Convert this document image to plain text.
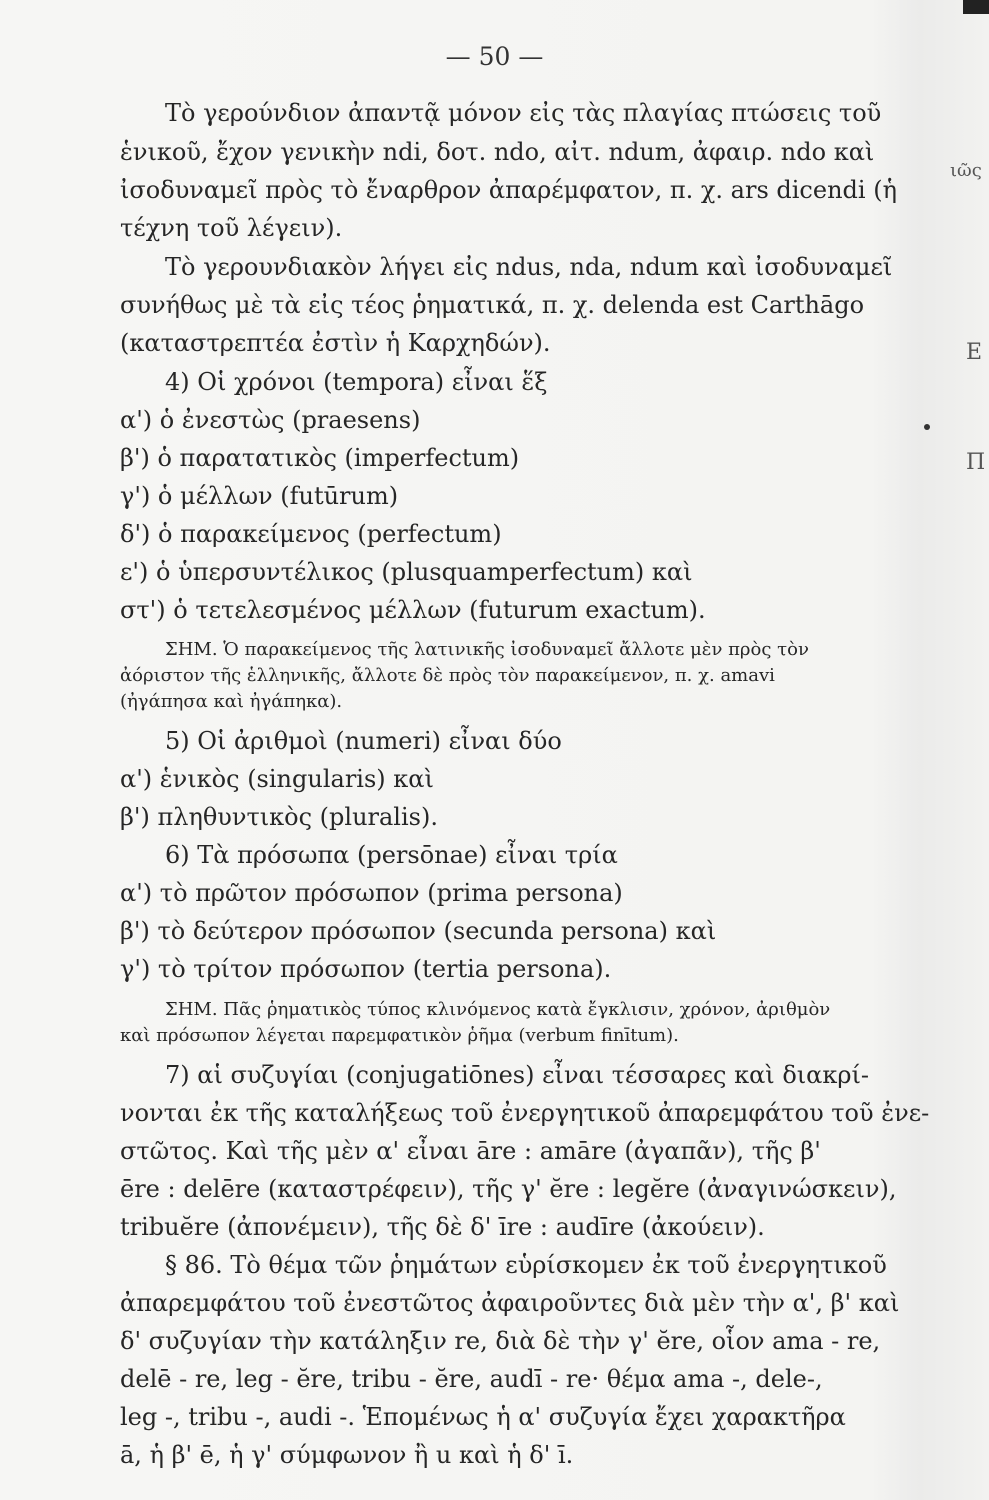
— 50 —
Τὸ γερούνδιον ἀπαντᾷ μόνον εἰς τὰς πλαγίας πτώσεις τοῦ
ἑνικοῦ, ἔχον γενικὴν ndi, δοτ. ndo, αἰτ. ndum, ἀφαιρ. ndo καὶ
ἰσοδυναμεῖ πρὸς τὸ ἔναρθρον ἀπαρέμφατον, π. χ. ars dicendi (ἡ
τέχνη τοῦ λέγειν).
Τὸ γερουνδιακὸν λήγει εἰς ndus, nda, ndum καὶ ἰσοδυναμεῖ
συνήθως μὲ τὰ εἰς τέος ῥηματικά, π. χ. delenda est Carthāgo
(καταστρεπτέα ἐστὶν ἡ Καρχηδών).
4) Οἱ χρόνοι (tempora) εἶναι ἕξ
α') ὁ ἐνεστὼς (praesens)
β') ὁ παρατατικὸς (imperfectum)
γ') ὁ μέλλων (futūrum)
δ') ὁ παρακείμενος (perfectum)
ε') ὁ ὑπερσυντέλικος (plusquamperfectum) καὶ
στ') ὁ τετελεσμένος μέλλων (futurum exactum).
ΣΗΜ. Ὁ παρακείμενος τῆς λατινικῆς ἰσοδυναμεῖ ἄλλοτε μὲν πρὸς τὸν
ἀόριστον τῆς ἑλληνικῆς, ἄλλοτε δὲ πρὸς τὸν παρακείμενον, π. χ. amavi
(ἠγάπησα καὶ ἠγάπηκα).
5) Οἱ ἀριθμοὶ (numeri) εἶναι δύο
α') ἑνικὸς (singularis) καὶ
β') πληθυντικὸς (pluralis).
6) Τὰ πρόσωπα (persōnae) εἶναι τρία
α') τὸ πρῶτον πρόσωπον (prima persona)
β') τὸ δεύτερον πρόσωπον (secunda persona) καὶ
γ') τὸ τρίτον πρόσωπον (tertia persona).
ΣΗΜ. Πᾶς ῥηματικὸς τύπος κλινόμενος κατὰ ἔγκλισιν, χρόνον, ἀριθμὸν
καὶ πρόσωπον λέγεται παρεμφατικὸν ῥῆμα (verbum finītum).
7) αἱ συζυγίαι (conjugatiōnes) εἶναι τέσσαρες καὶ διακρί-
νονται ἐκ τῆς καταλήξεως τοῦ ἐνεργητικοῦ ἀπαρεμφάτου τοῦ ἐνε-
στῶτος. Καὶ τῆς μὲν α' εἶναι āre : amāre (ἀγαπᾶν), τῆς β'
ēre : delēre (καταστρέφειν), τῆς γ' ĕre : legĕre (ἀναγινώσκειν),
tribuĕre (ἀπονέμειν), τῆς δὲ δ' īre : audīre (ἀκούειν).
§ 86. Τὸ θέμα τῶν ῥημάτων εὑρίσκομεν ἐκ τοῦ ἐνεργητικοῦ
ἀπαρεμφάτου τοῦ ἐνεστῶτος ἀφαιροῦντες διὰ μὲν τὴν α', β' καὶ
δ' συζυγίαν τὴν κατάληξιν re, διὰ δὲ τὴν γ' ĕre, οἷον ama - re,
delē - re, leg - ĕre, tribu - ĕre, audī - re· θέμα ama -, dele-,
leg -, tribu -, audi -. Ἑπομένως ἡ α' συζυγία ἔχει χαρακτῆρα
ā, ἡ β' ē, ἡ γ' σύμφωνον ἢ u καὶ ἡ δ' ī.
ιῶς
Ε
Π
